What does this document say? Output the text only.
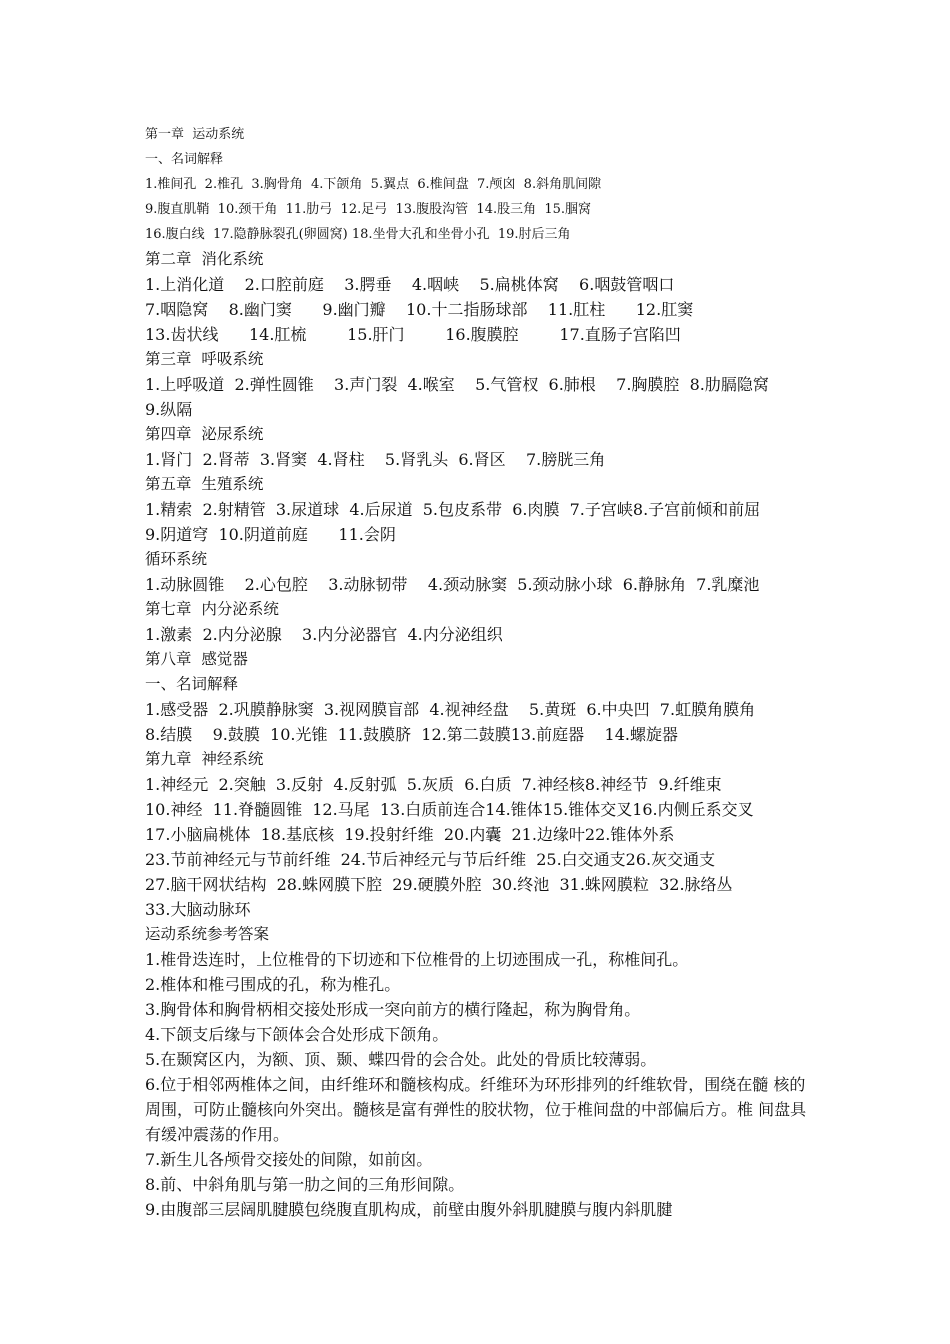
第一章  运动系统

一、名词解释

1.椎间孔  2.椎孔  3.胸骨角  4.下颌角  5.翼点  6.椎间盘  7.颅囟  8.斜角肌间隙

9.腹直肌鞘  10.颈干角  11.肋弓  12.足弓  13.腹股沟管  14.股三角  15.腘窝

16.腹白线  17.隐静脉裂孔(卵圆窝) 18.坐骨大孔和坐骨小孔  19.肘后三角

第二章  消化系统

1.上消化道    2.口腔前庭    3.腭垂    4.咽峡    5.扁桃体窝    6.咽鼓管咽口

7.咽隐窝    8.幽门窦      9.幽门瓣    10.十二指肠球部    11.肛柱      12.肛窦

13.齿状线      14.肛梳        15.肝门        16.腹膜腔        17.直肠子宫陷凹

第三章  呼吸系统

1.上呼吸道  2.弹性圆锥    3.声门裂  4.喉室    5.气管杈  6.肺根    7.胸膜腔  8.肋膈隐窝

9.纵隔

第四章  泌尿系统

1.肾门  2.肾蒂  3.肾窦  4.肾柱    5.肾乳头  6.肾区    7.膀胱三角

第五章  生殖系统

1.精索  2.射精管  3.尿道球  4.后尿道  5.包皮系带  6.肉膜  7.子宫峡8.子宫前倾和前屈

9.阴道穹  10.阴道前庭      11.会阴

循环系统

1.动脉圆锥    2.心包腔    3.动脉韧带    4.颈动脉窦  5.颈动脉小球  6.静脉角  7.乳糜池

第七章  内分泌系统

1.激素  2.内分泌腺    3.内分泌器官  4.内分泌组织

第八章  感觉器

一、名词解释

1.感受器  2.巩膜静脉窦  3.视网膜盲部  4.视神经盘    5.黄斑  6.中央凹  7.虹膜角膜角

8.结膜    9.鼓膜  10.光锥  11.鼓膜脐  12.第二鼓膜13.前庭器    14.螺旋器

第九章  神经系统

1.神经元  2.突触  3.反射  4.反射弧  5.灰质  6.白质  7.神经核8.神经节  9.纤维束

10.神经  11.脊髓圆锥  12.马尾  13.白质前连合14.锥体15.锥体交叉16.内侧丘系交叉

17.小脑扁桃体  18.基底核  19.投射纤维  20.内囊  21.边缘叶22.锥体外系

23.节前神经元与节前纤维  24.节后神经元与节后纤维  25.白交通支26.灰交通支

27.脑干网状结构  28.蛛网膜下腔  29.硬膜外腔  30.终池  31.蛛网膜粒  32.脉络丛

33.大脑动脉环

运动系统参考答案

1.椎骨迭连时，上位椎骨的下切迹和下位椎骨的上切迹围成一孔，称椎间孔。

2.椎体和椎弓围成的孔，称为椎孔。

3.胸骨体和胸骨柄相交接处形成一突向前方的横行隆起，称为胸骨角。

4.下颌支后缘与下颌体会合处形成下颌角。

5.在颞窝区内，为额、顶、颞、蝶四骨的会合处。此处的骨质比较薄弱。

6.位于相邻两椎体之间，由纤维环和髓核构成。纤维环为环形排列的纤维软骨，围绕在髓 核的周围，可防止髓核向外突出。髓核是富有弹性的胶状物，位于椎间盘的中部偏后方。椎 间盘具有缓冲震荡的作用。

7.新生儿各颅骨交接处的间隙，如前囟。

8.前、中斜角肌与第一肋之间的三角形间隙。

9.由腹部三层阔肌腱膜包绕腹直肌构成，前壁由腹外斜肌腱膜与腹内斜肌腱
